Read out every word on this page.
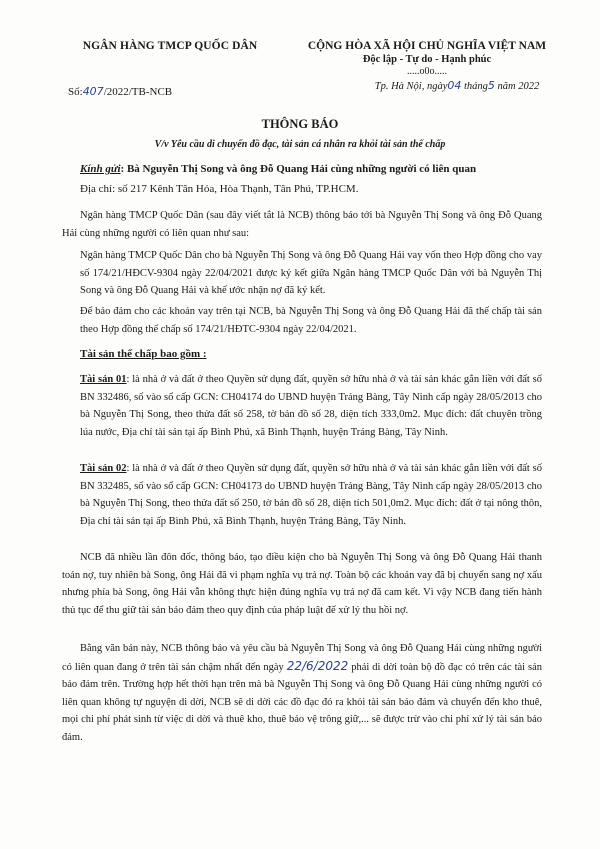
NGÂN HÀNG TMCP QUỐC DÂN
Số:407/2022/TB-NCB
CỘNG HÒA XÃ HỘI CHỦ NGHĨA VIỆT NAM
Độc lập - Tự do - Hạnh phúc
.....o0o.....
Tp. Hà Nội, ngày04 tháng5 năm 2022
THÔNG BÁO
V/v Yêu cầu di chuyển đồ đạc, tài sản cá nhân ra khỏi tài sản thế chấp
Kính gửi: Bà Nguyễn Thị Song và ông Đỗ Quang Hải cùng những người có liên quan
Địa chỉ: số 217 Kênh Tân Hóa, Hòa Thạnh, Tân Phú, TP.HCM.
Ngân hàng TMCP Quốc Dân (sau đây viết tắt là NCB) thông báo tới bà Nguyễn Thị Song và ông Đỗ Quang Hải cùng những người có liên quan như sau:
Ngân hàng TMCP Quốc Dân cho bà Nguyễn Thị Song và ông Đỗ Quang Hải vay vốn theo Hợp đồng cho vay số 174/21/HĐCV-9304 ngày 22/04/2021 được ký kết giữa Ngân hàng TMCP Quốc Dân với bà Nguyễn Thị Song và ông Đỗ Quang Hải và khế ước nhận nợ đã ký kết.
Để bảo đảm cho các khoản vay trên tại NCB, bà Nguyễn Thị Song và ông Đỗ Quang Hải đã thế chấp tài sản theo Hợp đồng thế chấp số 174/21/HĐTC-9304 ngày 22/04/2021.
Tài sản thế chấp bao gồm :
Tài sản 01: là nhà ở và đất ở theo Quyền sử dụng đất, quyền sở hữu nhà ở và tài sản khác gắn liền với đất số BN 332486, số vào sổ cấp GCN: CH04174 do UBND huyện Trảng Bàng, Tây Ninh cấp ngày 28/05/2013 cho bà Nguyễn Thị Song, theo thửa đất số 258, tờ bản đồ số 28, diện tích 333,0m2. Mục đích: đất chuyên trồng lúa nước, Địa chỉ tài sản tại ấp Bình Phú, xã Bình Thạnh, huyện Trảng Bàng, Tây Ninh.
Tài sản 02: là nhà ở và đất ở theo Quyền sử dụng đất, quyền sở hữu nhà ở và tài sản khác gắn liền với đất số BN 332485, số vào sổ cấp GCN: CH04173 do UBND huyện Trảng Bàng, Tây Ninh cấp ngày 28/05/2013 cho bà Nguyễn Thị Song, theo thửa đất số 250, tờ bản đồ số 28, diện tích 501,0m2. Mục đích: đất ở tại nông thôn, Địa chỉ tài sản tại ấp Bình Phú, xã Bình Thạnh, huyện Trảng Bàng, Tây Ninh.
NCB đã nhiều lần đôn đốc, thông báo, tạo điều kiện cho bà Nguyễn Thị Song và ông Đỗ Quang Hải thanh toán nợ, tuy nhiên bà Song, ông Hải đã vi phạm nghĩa vụ trả nợ. Toàn bộ các khoản vay đã bị chuyển sang nợ xấu nhưng phía bà Song, ông Hải vẫn không thực hiện đúng nghĩa vụ trả nợ đã cam kết. Vì vậy NCB đang tiến hành thủ tục để thu giữ tài sản bảo đảm theo quy định của pháp luật để xử lý thu hồi nợ.
Bằng văn bản này, NCB thông báo và yêu cầu bà Nguyễn Thị Song và ông Đỗ Quang Hải cùng những người có liên quan đang ở trên tài sản chậm nhất đến ngày 22/6/2022 phải di dời toàn bộ đồ đạc có trên các tài sản bảo đảm trên. Trường hợp hết thời hạn trên mà bà Nguyễn Thị Song và ông Đỗ Quang Hải cùng những người có liên quan không tự nguyện di dời, NCB sẽ di dời các đồ đạc đó ra khỏi tài sản bảo đảm và chuyển đến kho thuê, mọi chi phí phát sinh từ việc di dời và thuê kho, thuê bảo vệ trông giữ,... sẽ được trừ vào chi phí xử lý tài sản bảo đảm.
